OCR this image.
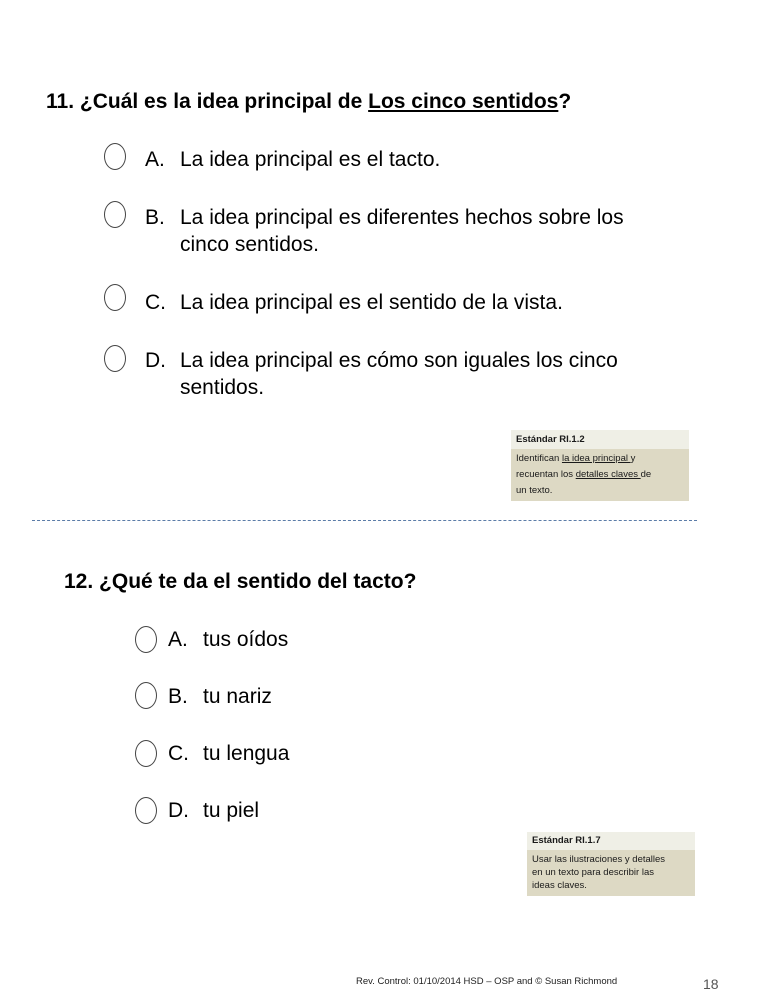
11. ¿Cuál es la idea principal de Los cinco sentidos?
A. La idea principal es el tacto.
B. La idea principal es diferentes hechos sobre los
cinco sentidos.
C. La idea principal es el sentido de la vista.
D. La idea principal es cómo son iguales los cinco
sentidos.
Estándar RI.1.2
Identifican la idea principal y
recuentan los detalles claves de
un texto.
12. ¿Qué te da el sentido del tacto?
A. tus oídos
B. tu nariz
C. tu lengua
D. tu piel
Estándar RI.1.7
Usar las ilustraciones y detalles
en un texto para describir las
ideas claves.
Rev. Control: 01/10/2014 HSD – OSP and © Susan Richmond	18
